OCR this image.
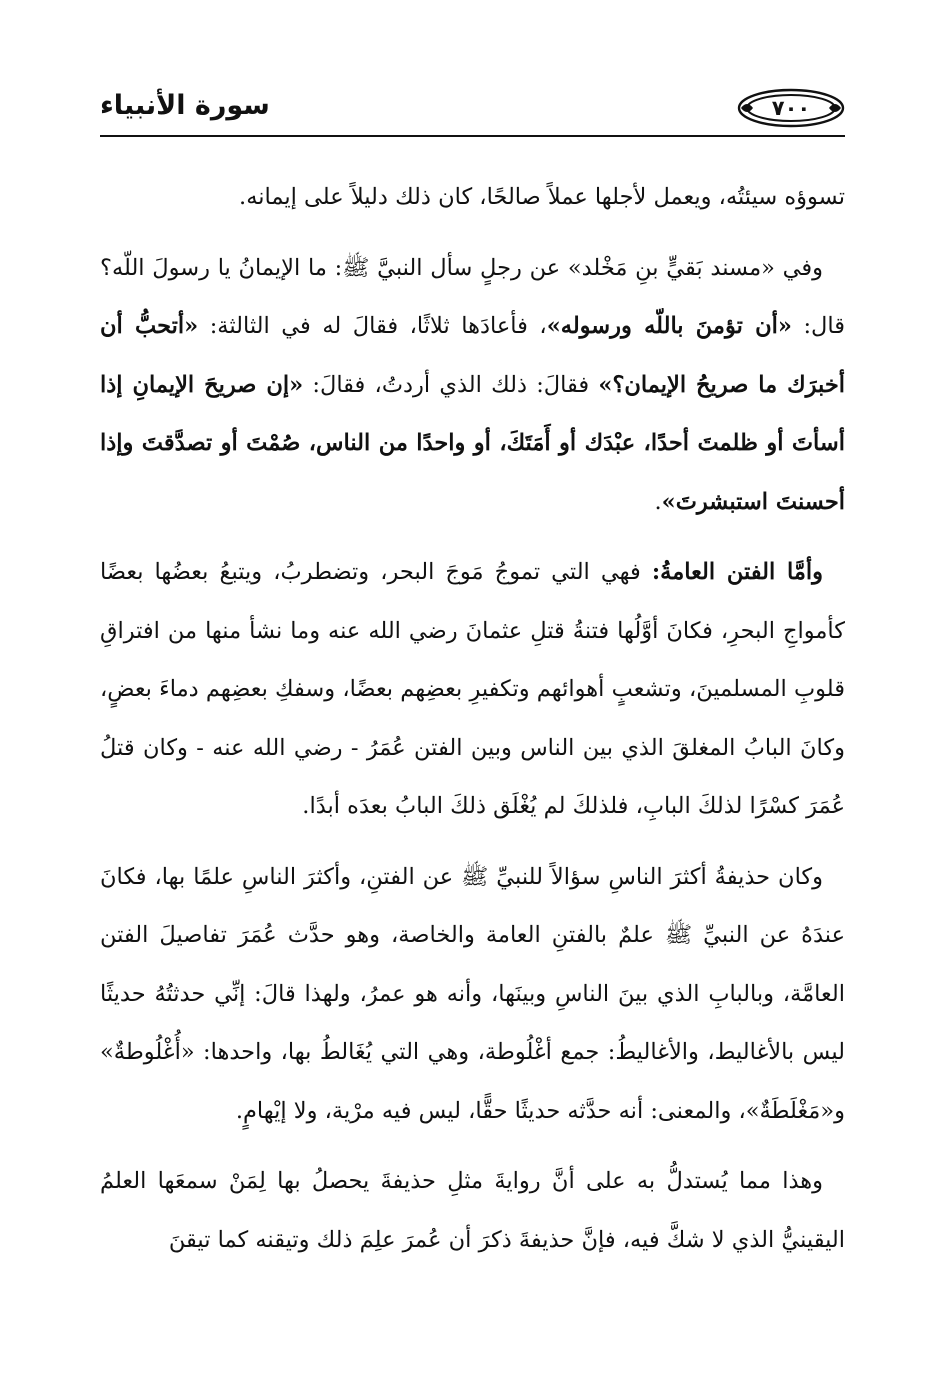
سورة الأنبياء	٧٠٠

تسوؤه سيئتُه، ويعمل لأجلها عملاً صالحًا، كان ذلك دليلاً على إيمانه.

وفي «مسند بَقيٍّ بنِ مَخْلد» عن رجلٍ سأل النبيَّ ﷺ: ما الإيمانُ يا رسولَ اللّه؟ قال: «أن تؤمنَ باللّه ورسوله»، فأعادَها ثلاثًا، فقالَ له في الثالثة: «أتحبُّ أن أخبرَك ما صريحُ الإيمان؟» فقالَ: ذلك الذي أردتُ، فقالَ: «إن صريحَ الإيمانِ إذا أسأتَ أو ظلمتَ أحدًا، عبْدَك أو أَمَتَكَ، أو واحدًا من الناس، صُمْتَ أو تصدَّقتَ وإذا أحسنتَ استبشرتَ».

وأمَّا الفتن العامةُ: فهي التي تموجُ مَوجَ البحر، وتضطربُ، ويتبعُ بعضُها بعضًا كأمواجِ البحرِ، فكانَ أوَّلُها فتنةُ قتلِ عثمانَ رضي الله عنه وما نشأ منها من افتراقِ قلوبِ المسلمينَ، وتشعبٍ أهوائهم وتكفيرِ بعضِهم بعضًا، وسفكِ بعضِهم دماءَ بعضٍ، وكانَ البابُ المغلقَ الذي بين الناس وبين الفتن عُمَرُ - رضي الله عنه - وكان قتلُ عُمَرَ كسْرًا لذلكَ البابِ، فلذلكَ لم يُغْلَق ذلكَ البابُ بعدَه أبدًا.

وكان حذيفةُ أكثرَ الناسِ سؤالاً للنبيِّ ﷺ عن الفتنِ، وأكثرَ الناسِ علمًا بها، فكانَ عندَهُ عن النبيِّ ﷺ علمٌ بالفتنِ العامة والخاصة، وهو حدَّث عُمَرَ تفاصيلَ الفتن العامَّة، وبالبابِ الذي بينَ الناسِ وبينَها، وأنه هو عمرُ، ولهذا قالَ: إنِّي حدثتُهُ حديثًا ليس بالأغاليط، والأغاليطُ: جمع أغْلُوطة، وهي التي يُغَالطُ بها، واحدها: «أُغْلُوطةٌ» و«مَغْلَطَةٌ»، والمعنى: أنه حدَّثه حديثًا حقًّا، ليس فيه مرْية، ولا إيْهامٍ.

وهذا مما يُستدلُّ به على أنَّ روايةَ مثلِ حذيفةَ يحصلُ بها لِمَنْ سمعَها العلمُ اليقينيُّ الذي لا شكَّ فيه، فإنَّ حذيفةَ ذكرَ أن عُمرَ علِمَ ذلك وتيقنه كما تيقنَ
